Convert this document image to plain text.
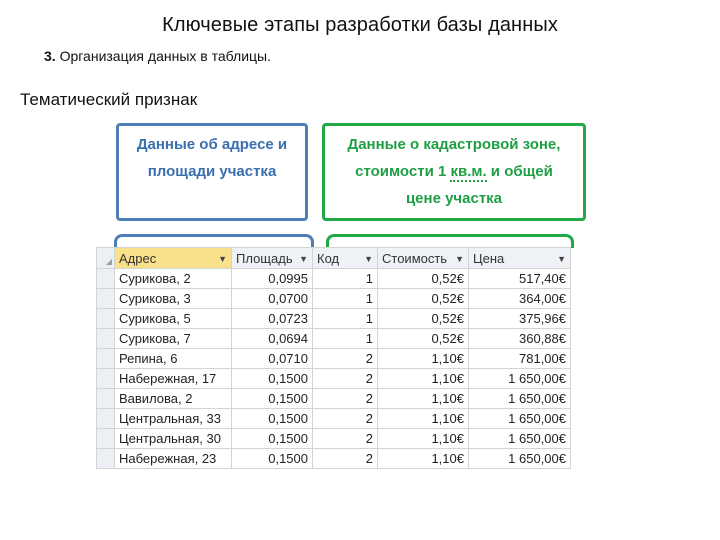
Ключевые этапы разработки базы данных
3. Организация данных в таблицы.
Тематический признак
Данные об адресе и
площади участка
Данные о кадастровой зоне,
стоимости 1 кв.м. и общей
цене участка
◢	Адрес ▼	Площадь ▼	Код ▼	Стоимость ▼	Цена ▼

	Сурикова, 2	0,0995	1	0,52€	517,40€
	Сурикова, 3	0,0700	1	0,52€	364,00€
	Сурикова, 5	0,0723	1	0,52€	375,96€
	Сурикова, 7	0,0694	1	0,52€	360,88€
	Репина, 6	0,0710	2	1,10€	781,00€
	Набережная, 17	0,1500	2	1,10€	1 650,00€
	Вавилова, 2	0,1500	2	1,10€	1 650,00€
	Центральная, 33	0,1500	2	1,10€	1 650,00€
	Центральная, 30	0,1500	2	1,10€	1 650,00€
	Набережная, 23	0,1500	2	1,10€	1 650,00€
